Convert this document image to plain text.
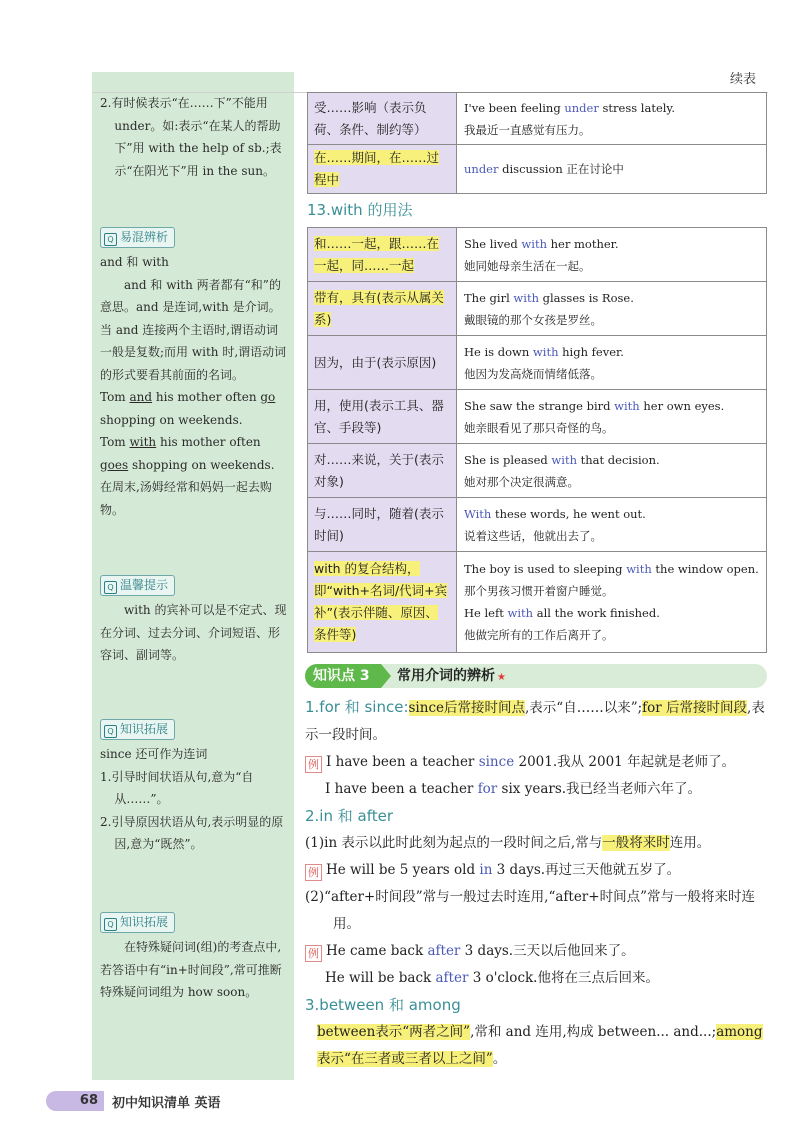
2.有时候表示“在……下”不能用 under。如:表示“在某人的帮助下”用 with the help of sb.;表示“在阳光下”用 in the sun。

Q 易混辨析

and 和 with

and 和 with 两者都有“和”的意思。and 是连词,with 是介词。当 and 连接两个主语时,谓语动词一般是复数;而用 with 时,谓语动词的形式要看其前面的名词。

Tom and his mother often go shopping on weekends.

Tom with his mother often goes shopping on weekends.

在周末,汤姆经常和妈妈一起去购物。

Q 温馨提示

with 的宾补可以是不定式、现在分词、过去分词、介词短语、形容词、副词等。

Q 知识拓展

since 还可作为连词

1.引导时间状语从句,意为“自从……”。

2.引导原因状语从句,表示明显的原因,意为“既然”。

Q 知识拓展

在特殊疑问词(组)的考查点中,若答语中有“in+时间段”,常可推断特殊疑问词组为 how soon。

续表
受……影响（表示负荷、条件、制约等）	I've been feeling under stress lately.
我最近一直感觉有压力。
在……期间，在……过程中	under discussion 正在讨论中
13.with 的用法
和……一起，跟……在一起，同……一起	She lived with her mother.
她同她母亲生活在一起。
带有，具有(表示从属关系)	The girl with glasses is Rose.
戴眼镜的那个女孩是罗丝。
因为，由于(表示原因)	He is down with high fever.
他因为发高烧而情绪低落。
用，使用(表示工具、器官、手段等)	She saw the strange bird with her own eyes.
她亲眼看见了那只奇怪的鸟。
对……来说，关于(表示对象)	She is pleased with that decision.
她对那个决定很满意。
与……同时，随着(表示时间)	With these words, he went out.
说着这些话，他就出去了。
with 的复合结构，即“with+名词/代词+宾补”(表示伴随、原因、条件等)	The boy is used to sleeping with the window open.
那个男孩习惯开着窗户睡觉。
He left with all the work finished.
他做完所有的工作后离开了。
知识点 3	常用介词的辨析 ★

1.for 和 since:since后常接时间点,表示“自……以来”;for 后常接时间段,表示一段时间。

例 I have been a teacher since 2001.我从 2001 年起就是老师了。

I have been a teacher for six years.我已经当老师六年了。

2.in 和 after

(1)in 表示以此时此刻为起点的一段时间之后,常与一般将来时连用。

例 He will be 5 years old in 3 days.再过三天他就五岁了。

(2)“after+时间段”常与一般过去时连用,“after+时间点”常与一般将来时连用。

例 He came back after 3 days.三天以后他回来了。

He will be back after 3 o'clock.他将在三点后回来。

3.between 和 among

between表示“两者之间”,常和 and 连用,构成 between... and...;among 表示“在三者或三者以上之间”。

68	初中知识清单 英语
